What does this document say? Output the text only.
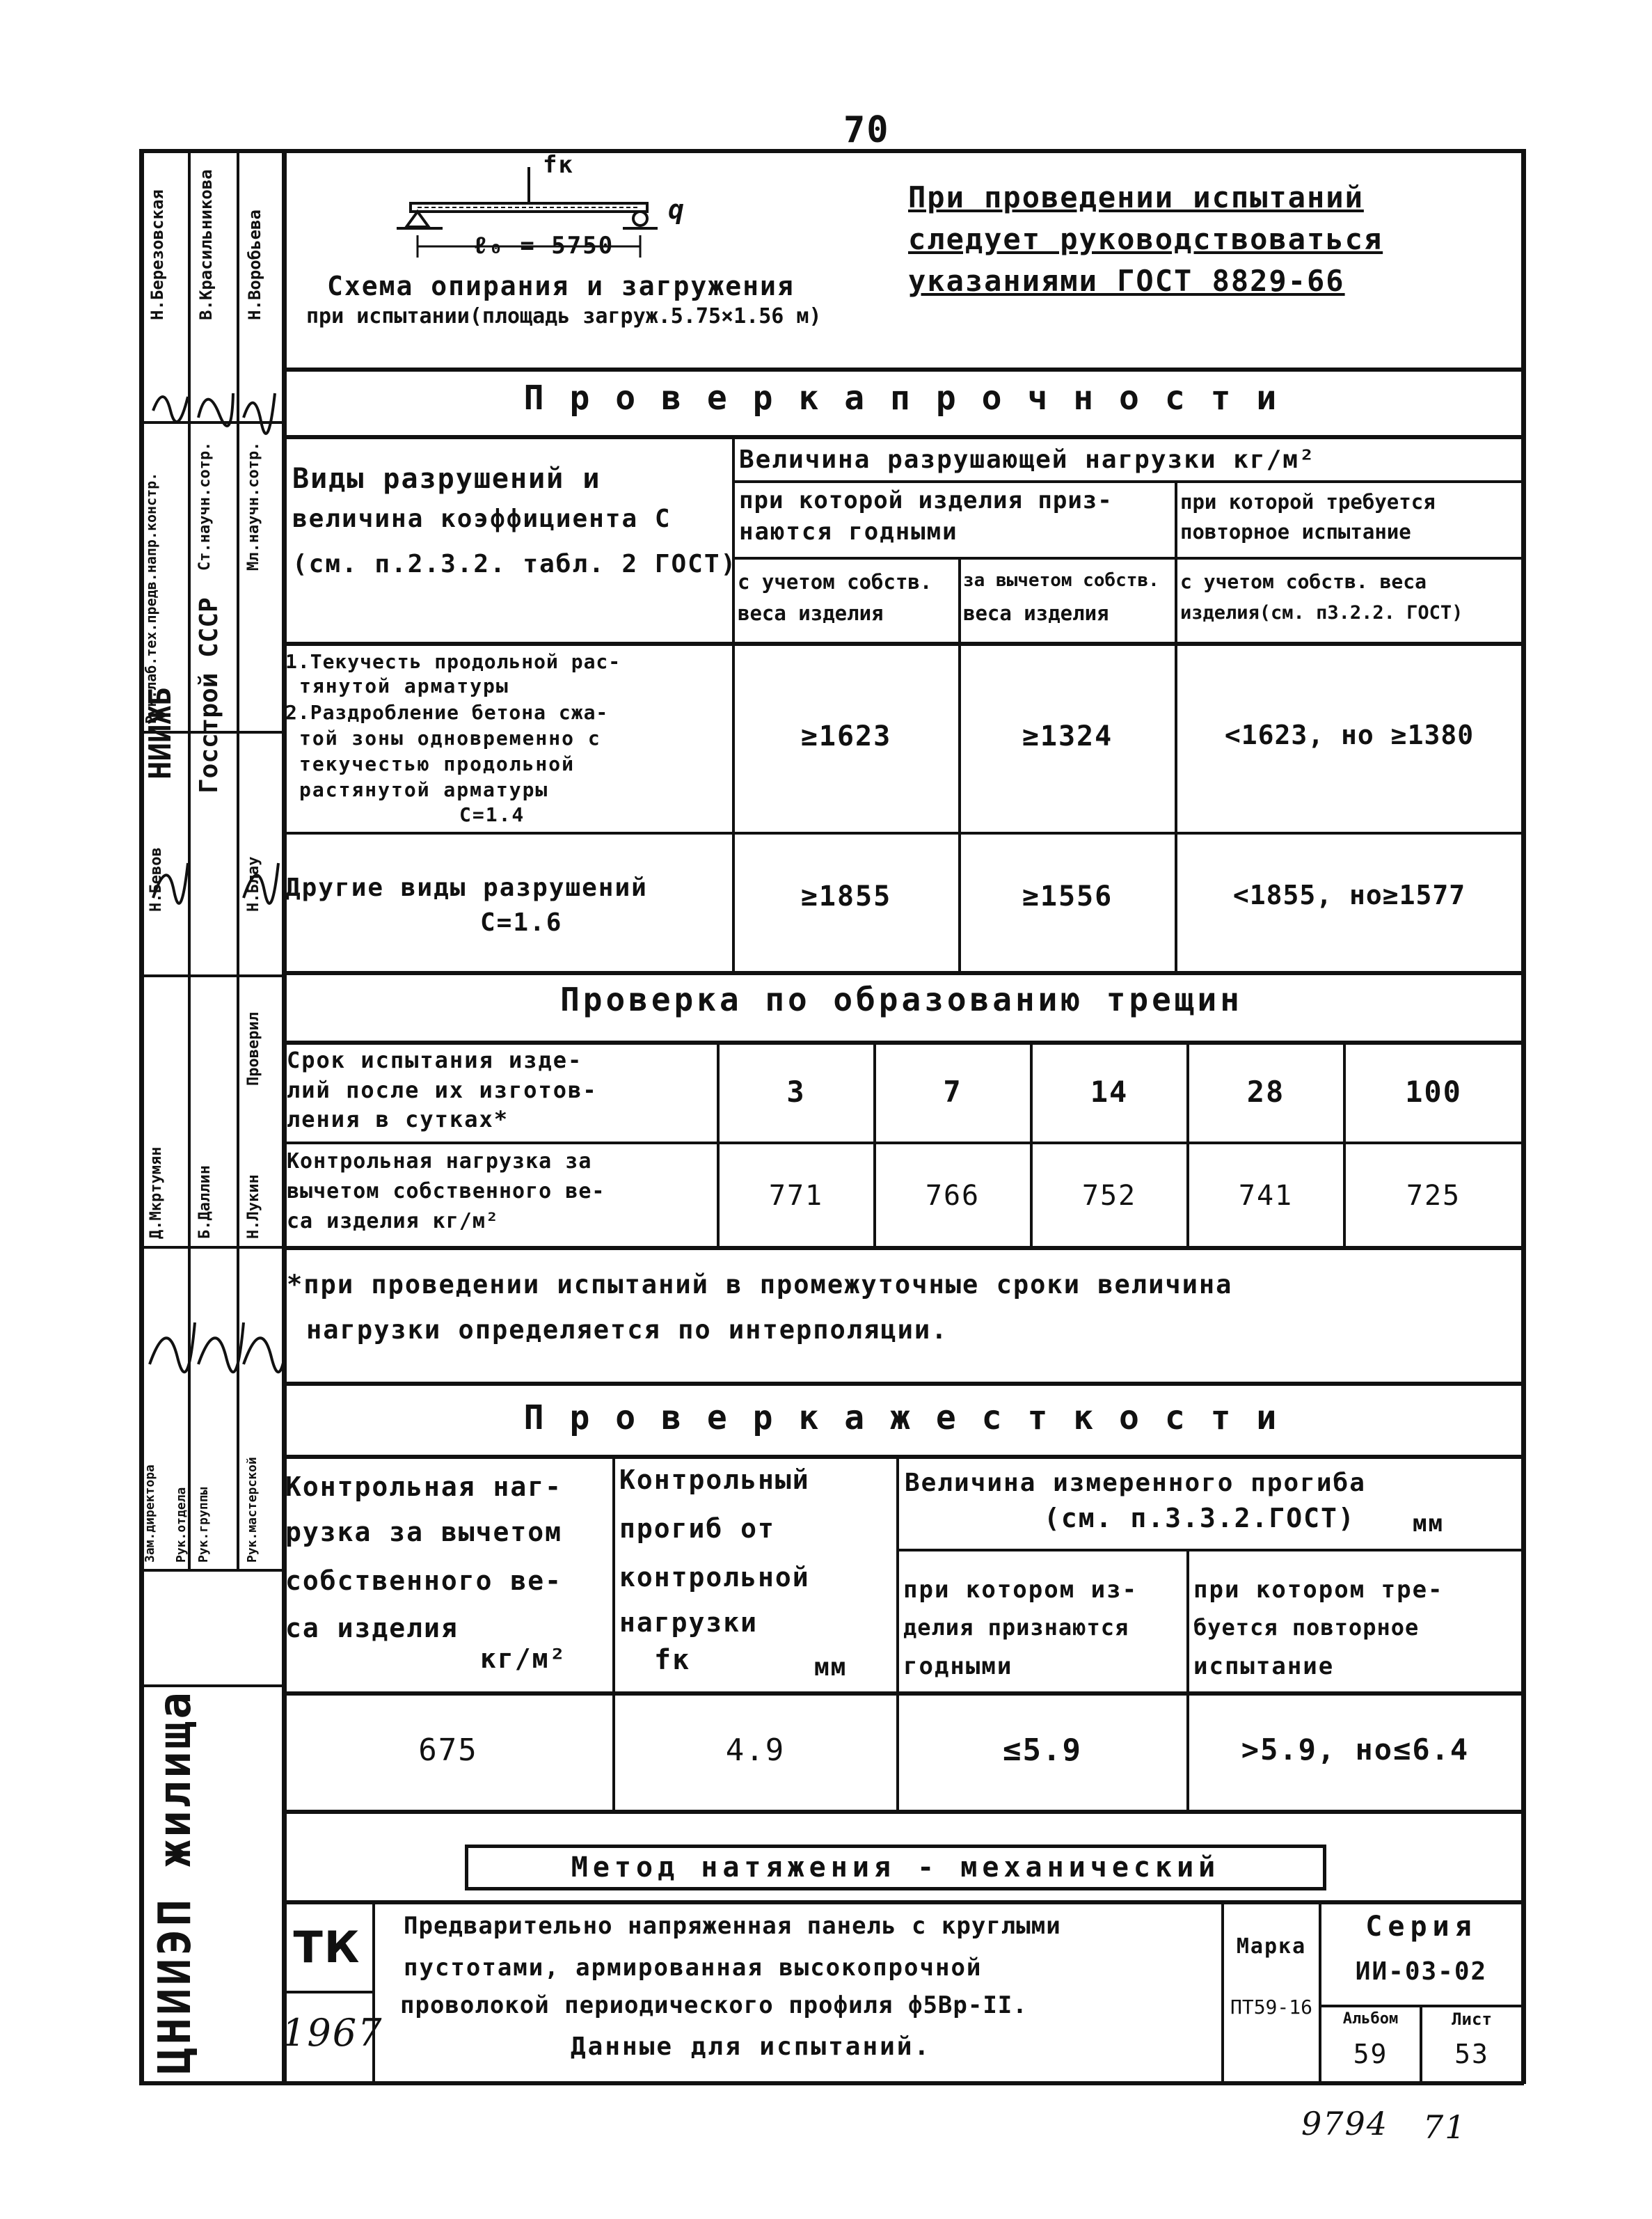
70
fк
q
ℓ₀ = 5750
Схема опирания и загружения
при испытании(площадь загруж.5.75×1.56 м)
При проведении испытаний
следует руководствоваться
указаниями ГОСТ 8829-66
П р о в е р к а п р о ч н о с т и
Виды разрушений и
величина коэффициента С
(см. п.2.3.2. табл. 2 ГОСТ)
Величина разрушающей нагрузки кг/м²
при которой изделия приз-
наются годными
при которой требуется
повторное испытание
с учетом собств.
веса изделия
за вычетом собств.
веса изделия
с учетом собств. веса
изделия(см. п3.2.2. ГОСТ)
1.Текучесть продольной рас-
тянутой арматуры
2.Раздробление бетона сжа-
той зоны одновременно с
текучестью продольной
растянутой арматуры
С=1.4
≥1623	≥1324	<1623, но ≥1380
Другие виды разрушений
С=1.6
≥1855	≥1556	<1855, но≥1577
Проверка по образованию трещин
Срок испытания изде-
лий после их изготов-
ления в сутках*
3	7	14	28	100
Контрольная нагрузка за
вычетом собственного ве-
са изделия кг/м²
771	766	752	741	725
*при проведении испытаний в промежуточные сроки величина
нагрузки определяется по интерполяции.
П р о в е р к а ж е с т к о с т и
Контрольная наг-
рузка за вычетом
собственного ве-
са изделия
кг/м²
Контрольный
прогиб от
контрольной
нагрузки
fк	мм
Величина измеренного прогиба
(см. п.3.3.2.ГОСТ) мм
при котором из-
делия признаются
годными
при котором тре-
буется повторное
испытание
675	4.9	≤5.9	>5.9, но≤6.4
Метод натяжения - механический
ТК
1967
Предварительно напряженная панель с круглыми
пустотами, армированная высокопрочной
проволокой периодического профиля ф5Вр-II.
Данные для испытаний.
Марка
ПТ59-16
Серия
ИИ-03-02
Альбом
59
Лист
53
9794 71
Н.Березовская В.Красильникова Н.Воробьева
Рук.лаб.тех.предв.напр.констр. Ст.научн.сотр. Мл.научн.сотр.
НИИЖБ Госстрой СССР
Н.Бевов	Н.Блау
Проверил
Д.Мкртумян Б.Даллин Н.Лукин
Зам.директора Рук.отдела Рук.группы	Рук.мастерской
ЦНИИЭП жилища
